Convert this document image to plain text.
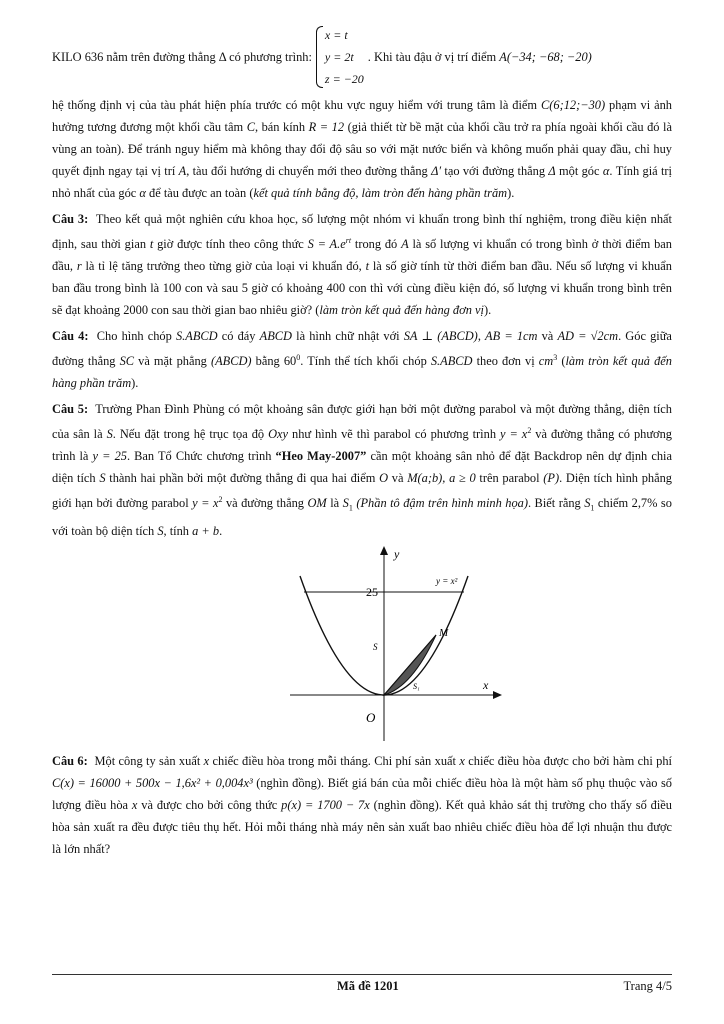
KILO 636 nằm trên đường thẳng Δ có phương trình:
x = t
y = 2t
z = −20
. Khi tàu đậu ở vị trí điểm
A(−34; −68; −20)

hệ thống định vị của tàu phát hiện phía trước có một khu vực nguy hiểm với trung tâm là điểm C(6;12;−30) phạm vi ảnh hưởng tương đương một khối cầu tâm C, bán kính R = 12 (giả thiết từ bề mặt của khối cầu trở ra phía ngoài khối cầu đó là vùng an toàn). Để tránh nguy hiểm mà không thay đổi độ sâu so với mặt nước biển và không muốn phải quay đầu, chỉ huy quyết định ngay tại vị trí A, tàu đổi hướng di chuyển mới theo đường thẳng Δ′ tạo với đường thẳng Δ một góc α. Tính giá trị nhỏ nhất của góc α để tàu được an toàn (kết quả tính bằng độ, làm tròn đến hàng phần trăm).

Câu 3: Theo kết quả một nghiên cứu khoa học, số lượng một nhóm vi khuẩn trong bình thí nghiệm, trong điều kiện nhất định, sau thời gian t giờ được tính theo công thức $S = A.e^{rt}$ trong đó A là số lượng vi khuẩn có trong bình ở thời điểm ban đầu, r là tỉ lệ tăng trưởng theo từng giờ của loại vi khuẩn đó, t là số giờ tính từ thời điểm ban đầu. Nếu số lượng vi khuẩn ban đầu trong bình là 100 con và sau 5 giờ có khoảng 400 con thì với cùng điều kiện đó, số lượng vi khuẩn trong bình trên sẽ đạt khoảng 2000 con sau thời gian bao nhiêu giờ? (làm tròn kết quả đến hàng đơn vị).

Câu 4: Cho hình chóp S.ABCD có đáy ABCD là hình chữ nhật với SA ⊥ (ABCD), AB = 1cm và AD = √2cm. Góc giữa đường thẳng SC và mặt phẳng (ABCD) bằng $60^0$. Tính thể tích khối chóp S.ABCD theo đơn vị $cm^3$ (làm tròn kết quả đến hàng phần trăm).

Câu 5: Trường Phan Đình Phùng có một khoảng sân được giới hạn bởi một đường parabol và một đường thẳng, diện tích của sân là S. Nếu đặt trong hệ trục tọa độ Oxy như hình vẽ thì parabol có phương trình $y = x^2$ và đường thẳng có phương trình là y = 25. Ban Tổ Chức chương trình “Heo May-2007” cần một khoảng sân nhỏ để đặt Backdrop nên dự định chia diện tích S thành hai phần bởi một đường thẳng đi qua hai điểm O và M(a;b), a ≥ 0 trên parabol (P). Diện tích hình phẳng giới hạn bởi đường parabol $y = x^2$ và đường thẳng OM là $S_1$ (Phần tô đậm trên hình minh họa). Biết rằng $S_1$ chiếm 2,7% so với toàn bộ diện tích S, tính a + b.

O
y
x
25
y = x²
S
M
S₁

Câu 6: Một công ty sản xuất x chiếc điều hòa trong mỗi tháng. Chi phí sản xuất x chiếc điều hòa được cho bởi hàm chi phí C(x) = 16000 + 500x − 1,6x² + 0,004x³ (nghìn đồng). Biết giá bán của mỗi chiếc điều hòa là một hàm số phụ thuộc vào số lượng điều hòa x và được cho bởi công thức p(x) = 1700 − 7x (nghìn đồng). Kết quả khảo sát thị trường cho thấy số điều hòa sản xuất ra đều được tiêu thụ hết. Hỏi mỗi tháng nhà máy nên sản xuất bao nhiêu chiếc điều hòa để lợi nhuận thu được là lớn nhất?

Mã đề 1201	Trang 4/5
